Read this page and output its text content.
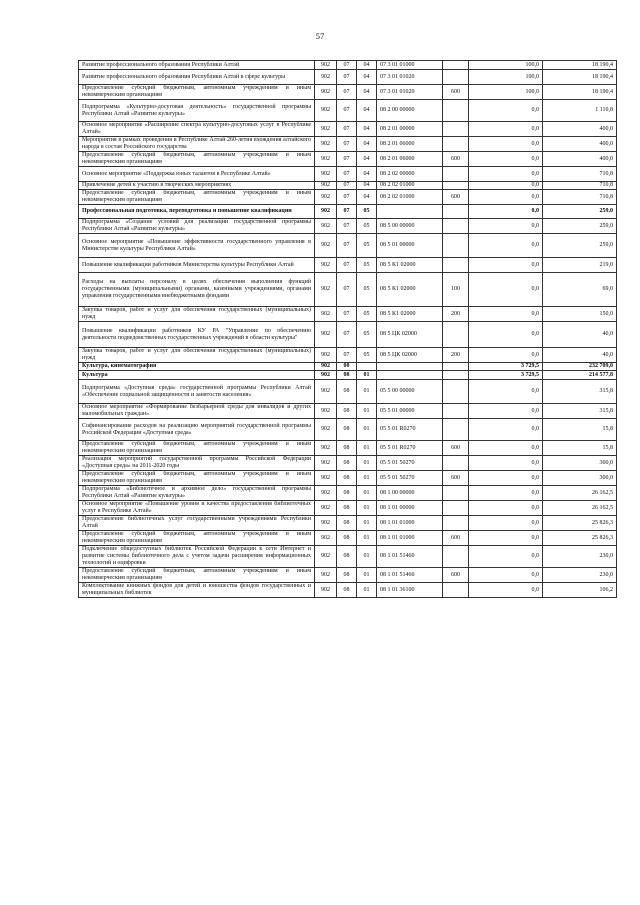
57
Развитие профессионального образования Республики Алтай	902	07	04	07 3 01 01000		100,0	18 190,4
Развитие профессионального образования Республики Алтай в сфере культуры	902	07	04	07 3 01 01020		100,0	18 190,4
Предоставление субсидий бюджетным, автономным учреждениям и иным некоммерческим организациям	902	07	04	07 3 01 01020	600	100,0	18 190,4
Подпрограмма «Культурно-досуговая деятельность» государственной программы Республики Алтай «Развитие культуры»	902	07	04	08 2 00 00000		0,0	1 110,8
Основное мероприятие «Расширение спектра культурно-досуговых услуг в Республике Алтай»	902	07	04	08 2 01 00000		0,0	400,0
Мероприятия в рамках проведения в Республике Алтай 260-летия вхождения алтайского народа в состав Российского государства	902	07	04	08 2 01 06000		0,0	400,0
Предоставление субсидий бюджетным, автономным учреждениям и иным некоммерческим организациям	902	07	04	08 2 01 06000	600	0,0	400,0
Основное мероприятие «Поддержка юных талантов в Республике Алтай»	902	07	04	08 2 02 00000		0,0	710,8
Привлечение детей к участию в творческих мероприятиях	902	07	04	08 2 02 01000		0,0	710,8
Предоставление субсидий бюджетным, автономным учреждениям и иным некоммерческим организациям	902	07	04	08 2 02 01000	600	0,0	710,8
Профессиональная подготовка, переподготовка и повышение квалификации	902	07	05			0,0	259,0
Подпрограмма «Создание условий для реализации государственной программы Республики Алтай «Развитие культуры»	902	07	05	08 5 00 00000		0,0	259,0
Основное мероприятие «Повышение эффективности государственного управления в Министерстве культуры Республики Алтай»	902	07	05	08 5 01 00000		0,0	259,0
Повышение квалификации работников Министерства культуры Республики Алтай	902	07	05	08 5 К1 02000		0,0	219,0
Расходы на выплаты персоналу в целях обеспечения выполнения функций государственными (муниципальными) органами, казенными учреждениями, органами управления государственными внебюджетными фондами	902	07	05	08 5 К1 02000	100	0,0	69,0
Закупка товаров, работ и услуг для обеспечения государственных (муниципальных) нужд	902	07	05	08 5 К1 02000	200	0,0	150,0
Повышение квалификации работников КУ РА "Управление по обеспечению деятельности подведомственных государственных учреждений в области культуры"	902	07	05	08 5 ЦК 02000		0,0	40,0
Закупка товаров, работ и услуг для обеспечения государственных (муниципальных) нужд	902	07	05	08 5 ЦК 02000	200	0,0	40,0
Культура, кинематография	902	08				3 729,5	232 709,0
Культура	902	08	01			3 729,5	214 577,8
Подпрограмма «Доступная среда» государственной программы Республики Алтай «Обеспечение социальной защищенности и занятости населения»	902	08	01	05 5 00 00000		0,0	315,8
Основное мероприятие «Формирование безбарьерной среды для инвалидов и других маломобильных граждан»	902	08	01	05 5 01 00000		0,0	315,8
Софинансирование расходов на реализацию мероприятий государственной программы Российской Федерации «Доступная среда»	902	08	01	05 5 01 R0270		0,0	15,8
Предоставление субсидий бюджетным, автономным учреждениям и иным некоммерческим организациям	902	08	01	05 5 01 R0270	600	0,0	15,8
Реализация мероприятий государственной программы Российской Федерации «Доступная среда» на 2011-2020 годы	902	08	01	05 5 01 50270		0,0	300,0
Предоставление субсидий бюджетным, автономным учреждениям и иным некоммерческим организациям	902	08	01	05 5 01 50270	600	0,0	300,0
Подпрограмма «Библиотечное и архивное дело» государственной программы Республики Алтай «Развитие культуры»	902	08	01	08 1 00 00000		0,0	26 162,5
Основное мероприятие «Повышение уровня и качества предоставления библиотечных услуг в Республике Алтай»	902	08	01	08 1 01 00000		0,0	26 162,5
Предоставление библиотечных услуг государственными учреждениями Республики Алтай	902	08	01	08 1 01 01000		0,0	25 826,3
Предоставление субсидий бюджетным, автономным учреждениям и иным некоммерческим организациям	902	08	01	08 1 01 01000	600	0,0	25 826,3
Подключение общедоступных библиотек Российской Федерации к сети Интернет и развитие системы библиотечного дела с учетом задачи расширения информационных технологий и оцифровки	902	08	01	08 1 01 51460		0,0	230,0
Предоставление субсидий бюджетным, автономным учреждениям и иным некоммерческим организациям	902	08	01	08 1 01 51460	600	0,0	230,0
Комплектование книжных фондов для детей и юношества фондов государственных и муниципальных библиотек	902	08	01	08 1 01 36100		0,0	106,2
